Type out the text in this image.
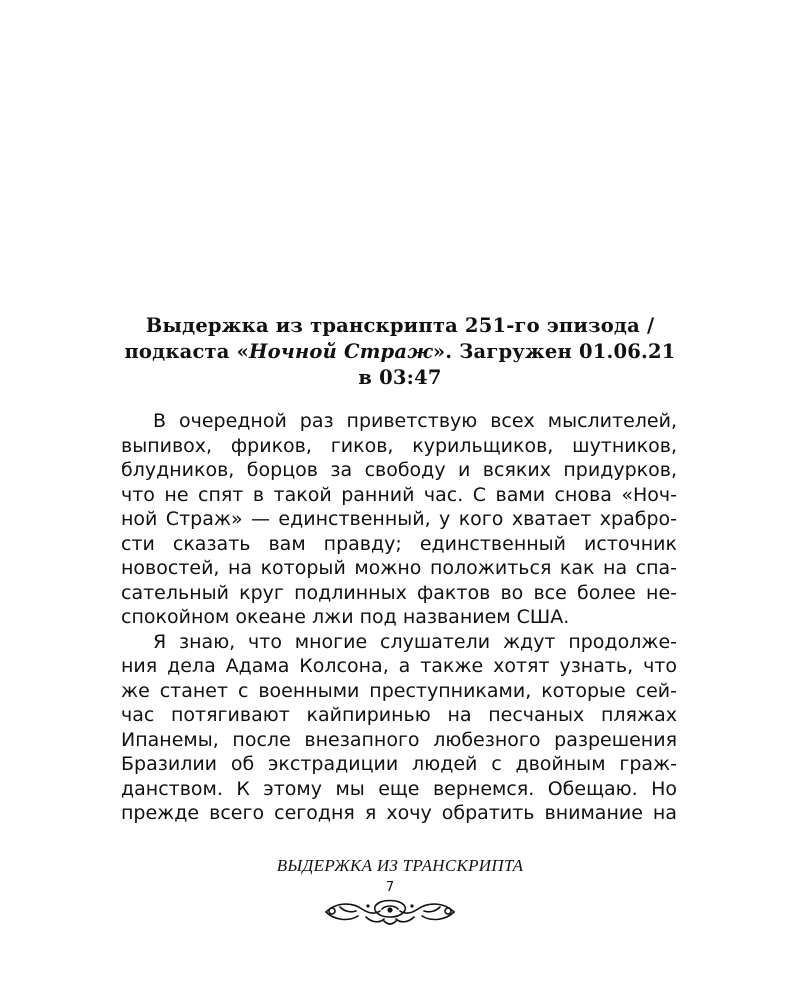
Выдержка из транскрипта 251-го эпизода /
подкаста «Ночной Страж». Загружен 01.06.21
в 03:47
В очередной раз приветствую всех мыслителей,
выпивох, фриков, гиков, курильщиков, шутников,
блудников, борцов за свободу и всяких придурков,
что не спят в такой ранний час. С вами снова «Ноч-
ной Страж» — единственный, у кого хватает храбро-
сти сказать вам правду; единственный источник
новостей, на который можно положиться как на спа-
сательный круг подлинных фактов во все более не-
спокойном океане лжи под названием США.
Я знаю, что многие слушатели ждут продолже-
ния дела Адама Колсона, а также хотят узнать, что
же станет с военными преступниками, которые сей-
час потягивают кайпиринью на песчаных пляжах
Ипанемы, после внезапного любезного разрешения
Бразилии об экстрадиции людей с двойным граж-
данством. К этому мы еще вернемся. Обещаю. Но
прежде всего сегодня я хочу обратить внимание на
ВЫДЕРЖКА ИЗ ТРАНСКРИПТА
7
